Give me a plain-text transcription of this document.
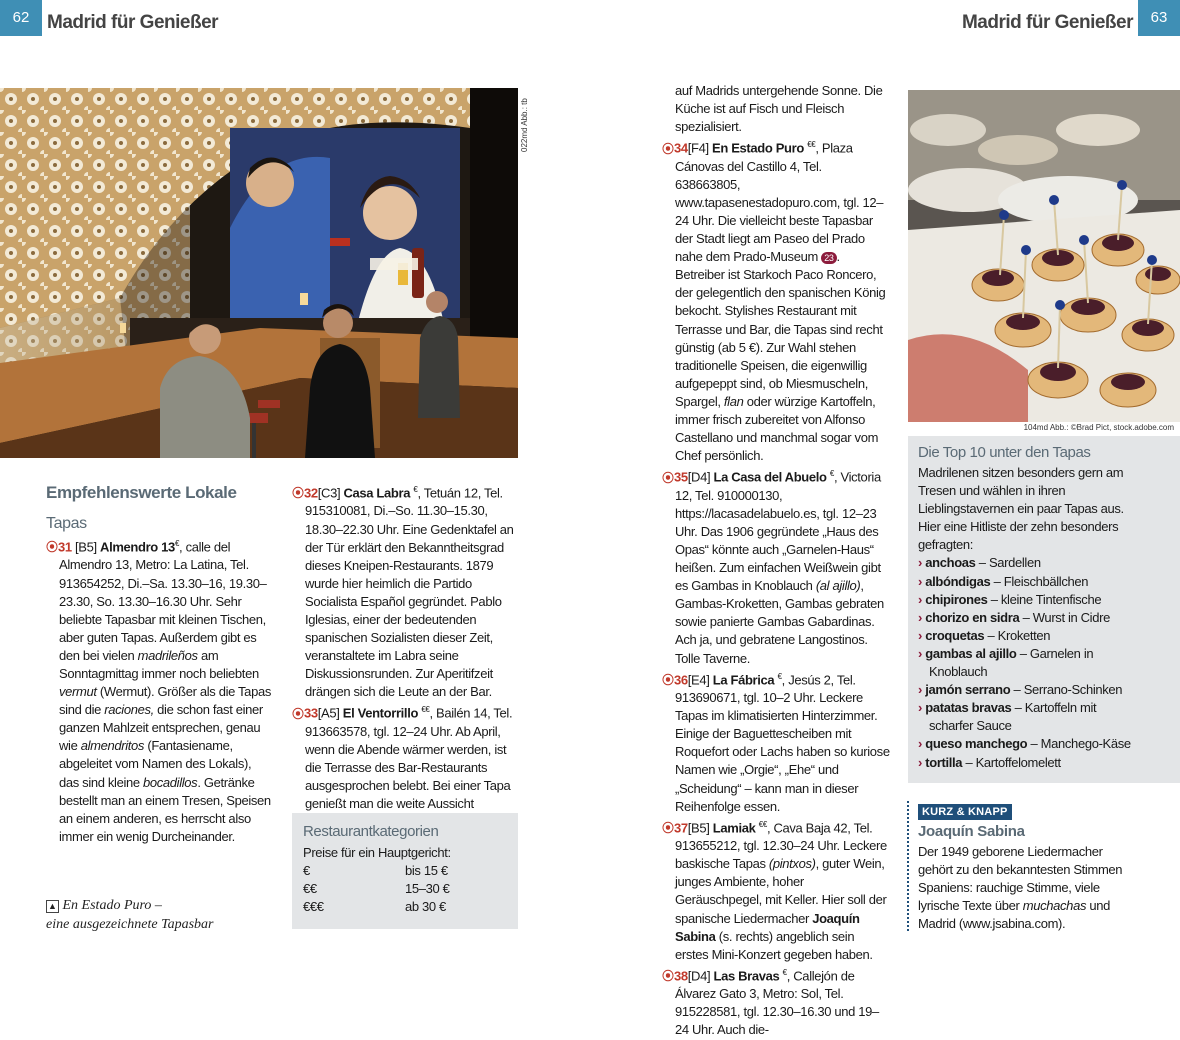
62 Madrid für Genießer
022md Abb.: tb
Empfehlenswerte Lokale
Tapas

⦿31 [B5] Almendro 13€, calle del Almendro 13, Metro: La Latina, Tel. 913654252, Di.–Sa. 13.30–16, 19.30–23.30, So. 13.30–16.30 Uhr. Sehr beliebte Tapasbar mit kleinen Tischen, aber guten Tapas. Außerdem gibt es den bei vielen madrileños am Sonntagmittag immer noch beliebten vermut (Wermut). Größer als die Tapas sind die raciones, die schon fast einer ganzen Mahlzeit entsprechen, genau wie almendritos (Fantasiename, abgeleitet vom Namen des Lokals), das sind kleine bocadillos. Getränke bestellt man an einem Tresen, Speisen an einem anderen, es herrscht also immer ein wenig Durcheinander.

▲ En Estado Puro –
eine ausgezeichnete Tapasbar

⦿32[C3] Casa Labra €, Tetuán 12, Tel. 915310081, Di.–So. 11.30–15.30, 18.30–22.30 Uhr. Eine Gedenktafel an der Tür erklärt den Bekanntheitsgrad dieses Kneipen-Restaurants. 1879 wurde hier heimlich die Partido Socialista Español gegründet. Pablo Iglesias, einer der bedeutenden spanischen Sozialisten dieser Zeit, veranstaltete im Labra seine Diskussionsrunden. Zur Aperitifzeit drängen sich die Leute an der Bar.

⦿33[A5] El Ventorrillo €€, Bailén 14, Tel. 913663578, tgl. 12–24 Uhr. Ab April, wenn die Abende wärmer werden, ist die Terrasse des Bar-Restaurants ausgesprochen belebt. Bei einer Tapa genießt man die weite Aussicht

Restaurantkategorien

Preise für ein Hauptgericht:

€	bis 15 €

€€	15–30 €

€€€	ab 30 €

Madrid für Genießer	63

auf Madrids untergehende Sonne. Die Küche ist auf Fisch und Fleisch spezialisiert.

⦿34[F4] En Estado Puro €€, Plaza Cánovas del Castillo 4, Tel. 638663805, www.tapasenestadopuro.com, tgl. 12–24 Uhr. Die vielleicht beste Tapasbar der Stadt liegt am Paseo del Prado nahe dem Prado-Museum 23 . Betreiber ist Starkoch Paco Roncero, der gelegentlich den spanischen König bekocht. Stylishes Restaurant mit Terrasse und Bar, die Tapas sind recht günstig (ab 5 €). Zur Wahl stehen traditionelle Speisen, die eigenwillig aufgepeppt sind, ob Miesmuscheln, Spargel, flan oder würzige Kartoffeln, immer frisch zubereitet von Alfonso Castellano und manchmal sogar vom Chef persönlich.

⦿35[D4] La Casa del Abuelo €, Victoria 12, Tel. 910000130, https://lacasadelabuelo.es, tgl. 12–23 Uhr. Das 1906 gegründete „Haus des Opas“ könnte auch „Garnelen-Haus“ heißen. Zum einfachen Weißwein gibt es Gambas in Knoblauch (al ajillo), Gambas-Kroketten, Gambas gebraten sowie panierte Gambas Gabardinas. Ach ja, und gebratene Langostinos. Tolle Taverne.

⦿36[E4] La Fábrica €, Jesús 2, Tel. 913690671, tgl. 10–2 Uhr. Leckere Tapas im klimatisierten Hinterzimmer. Einige der Baguettescheiben mit Roquefort oder Lachs haben so kuriose Namen wie „Orgie“, „Ehe“ und „Scheidung“ – kann man in dieser Reihenfolge essen.

⦿37[B5] Lamiak €€, Cava Baja 42, Tel. 913655212, tgl. 12.30–24 Uhr. Leckere baskische Tapas (pintxos), guter Wein, junges Ambiente, hoher Geräuschpegel, mit Keller. Hier soll der spanische Liedermacher Joaquín Sabina (s. rechts) angeblich sein erstes Mini-Konzert gegeben haben.

⦿38[D4] Las Bravas €, Callejón de Álvarez Gato 3, Metro: Sol, Tel. 915228581, tgl. 12.30–16.30 und 19–24 Uhr. Auch die-

104md Abb.: ©Brad Pict, stock.adobe.com
Die Top 10 unter den Tapas

Madrilenen sitzen besonders gern am Tresen und wählen in ihren Lieblingstavernen ein paar Tapas aus. Hier eine Hitliste der zehn besonders gefragten:

› anchoas – Sardellen

› albóndigas – Fleischbällchen

› chipirones – kleine Tintenfische

› chorizo en sidra – Wurst in Cidre

› croquetas – Kroketten

› gambas al ajillo – Garnelen in Knoblauch

› jamón serrano – Serrano-Schinken

› patatas bravas – Kartoffeln mit scharfer Sauce

› queso manchego – Manchego-Käse

› tortilla – Kartoffelomelett

KURZ & KNAPP
Joaquín Sabina

Der 1949 geborene Liedermacher gehört zu den bekanntesten Stimmen Spaniens: rauchige Stimme, viele lyrische Texte über muchachas und Madrid (www.jsabina.com).
